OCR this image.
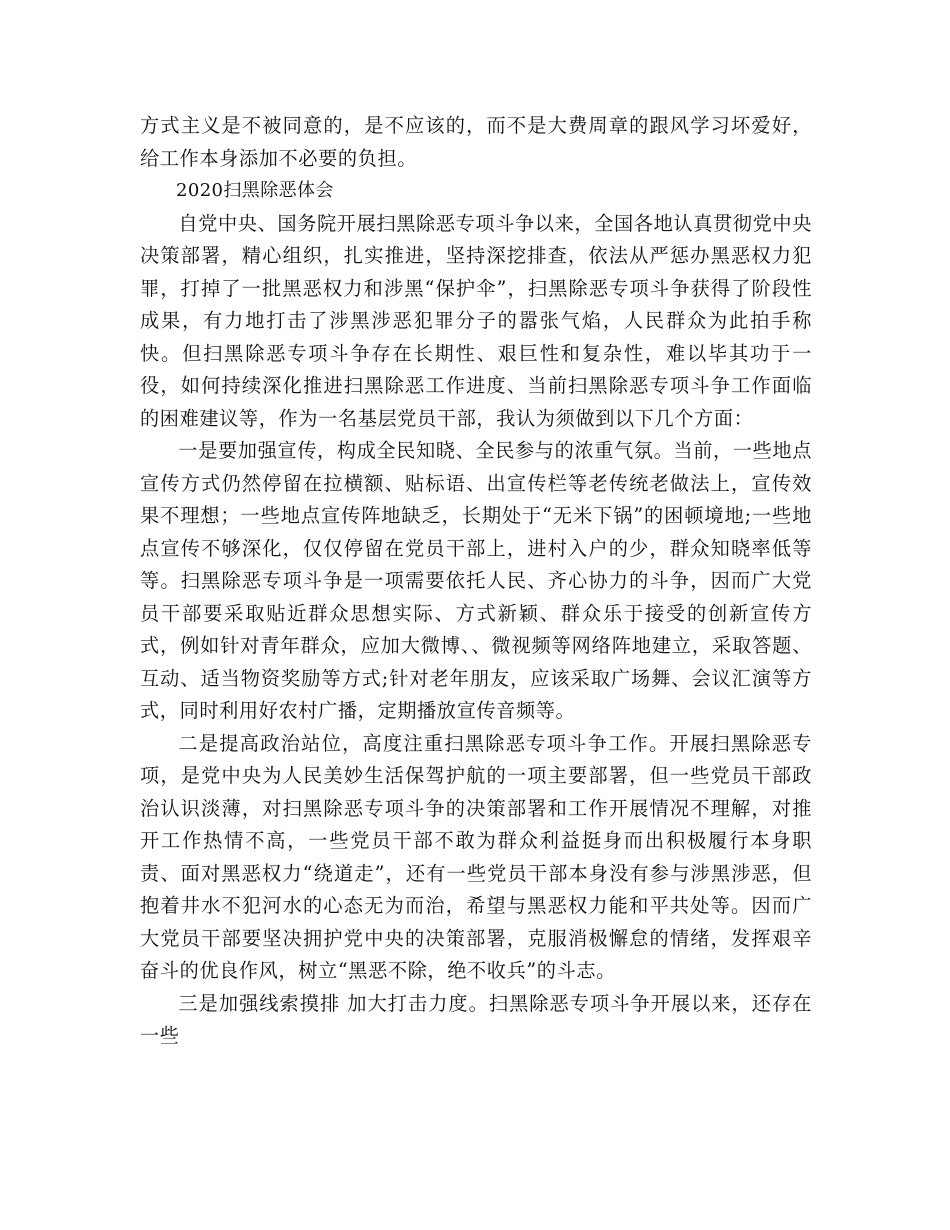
方式主义是不被同意的，是不应该的，而不是大费周章的跟风学习坏爱好，给工作本身添加不必要的负担。

2020扫黑除恶体会

自党中央、国务院开展扫黑除恶专项斗争以来，全国各地认真贯彻党中央决策部署，精心组织，扎实推进，坚持深挖排查，依法从严惩办黑恶权力犯罪，打掉了一批黑恶权力和涉黑“保护伞”，扫黑除恶专项斗争获得了阶段性成果，有力地打击了涉黑涉恶犯罪分子的嚣张气焰，人民群众为此拍手称快。但扫黑除恶专项斗争存在长期性、艰巨性和复杂性，难以毕其功于一役，如何持续深化推进扫黑除恶工作进度、当前扫黑除恶专项斗争工作面临的困难建议等，作为一名基层党员干部，我认为须做到以下几个方面：

一是要加强宣传，构成全民知晓、全民参与的浓重气氛。当前，一些地点宣传方式仍然停留在拉横额、贴标语、出宣传栏等老传统老做法上，宣传效果不理想；一些地点宣传阵地缺乏，长期处于“无米下锅”的困顿境地;一些地点宣传不够深化，仅仅停留在党员干部上，进村入户的少，群众知晓率低等等。扫黑除恶专项斗争是一项需要依托人民、齐心协力的斗争，因而广大党员干部要采取贴近群众思想实际、方式新颖、群众乐于接受的创新宣传方式，例如针对青年群众，应加大微博、、微视频等网络阵地建立，采取答题、互动、适当物资奖励等方式;针对老年朋友，应该采取广场舞、会议汇演等方式，同时利用好农村广播，定期播放宣传音频等。

二是提高政治站位，高度注重扫黑除恶专项斗争工作。开展扫黑除恶专项，是党中央为人民美妙生活保驾护航的一项主要部署，但一些党员干部政治认识淡薄，对扫黑除恶专项斗争的决策部署和工作开展情况不理解，对推开工作热情不高，一些党员干部不敢为群众利益挺身而出积极履行本身职责、面对黑恶权力“绕道走”，还有一些党员干部本身没有参与涉黑涉恶，但抱着井水不犯河水的心态无为而治，希望与黑恶权力能和平共处等。因而广大党员干部要坚决拥护党中央的决策部署，克服消极懈怠的情绪，发挥艰辛奋斗的优良作风，树立“黑恶不除，绝不收兵”的斗志。

三是加强线索摸排 加大打击力度。扫黑除恶专项斗争开展以来，还存在一些
